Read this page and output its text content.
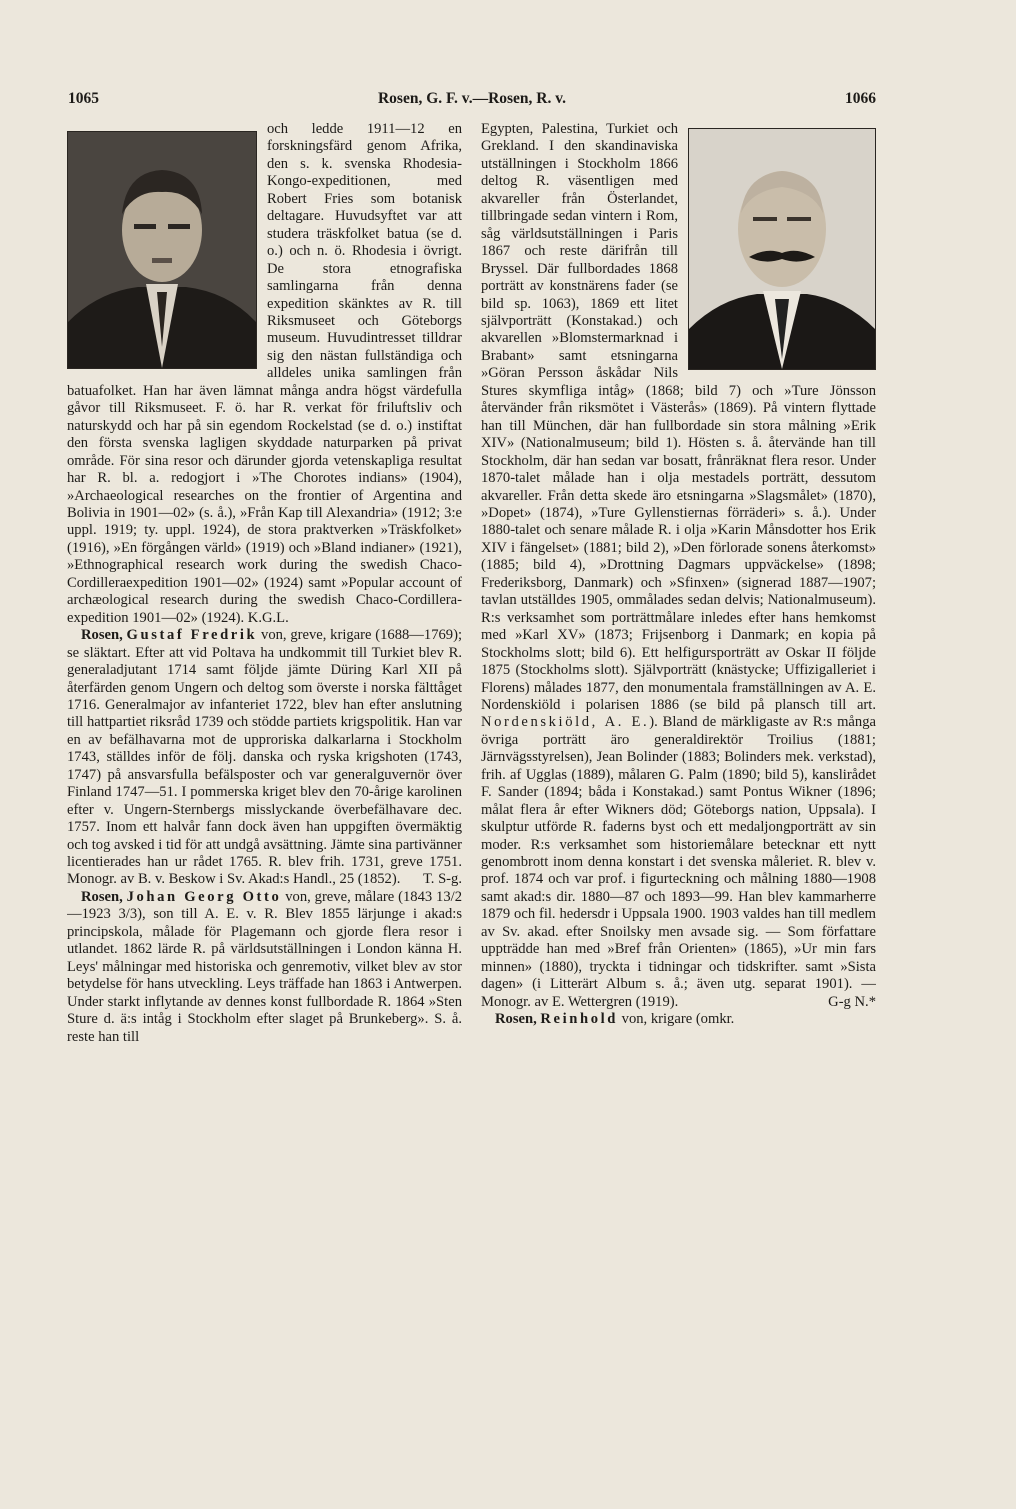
1065	Rosen, G. F. v.—Rosen, R. v.	1066

och ledde 1911—12 en forskningsfärd genom Afrika, den s. k. svenska Rhodesia-Kongo-expeditionen, med Robert Fries som botanisk deltagare. Huvudsyftet var att studera träskfolket batua (se d. o.) och n. ö. Rhodesia i övrigt. De stora etnografiska samlingarna från denna expedition skänktes av R. till Riksmuseet och Göteborgs museum. Huvudintresset tilldrar sig den nästan fullständiga och alldeles unika samlingen från batuafolket. Han har även lämnat många andra högst värdefulla gåvor till Riksmuseet. F. ö. har R. verkat för friluftsliv och naturskydd och har på sin egendom Rockelstad (se d. o.) instiftat den första svenska lagligen skyddade naturparken på privat område. För sina resor och därunder gjorda vetenskapliga resultat har R. bl. a. redogjort i »The Chorotes indians» (1904), »Archaeological researches on the frontier of Argentina and Bolivia in 1901—02» (s. å.), »Från Kap till Alexandria» (1912; 3:e uppl. 1919; ty. uppl. 1924), de stora praktverken »Träskfolket» (1916), »En förgången värld» (1919) och »Bland indianer» (1921), »Ethnographical research work during the swedish Chaco-Cordilleraexpedition 1901—02» (1924) samt »Popular account of archæological research during the swedish Chaco-Cordillera-expedition 1901—02» (1924). K.G.L.

Rosen, Gustaf Fredrik von, greve, krigare (1688—1769); se släktart. Efter att vid Poltava ha undkommit till Turkiet blev R. generaladjutant 1714 samt följde jämte Düring Karl XII på återfärden genom Ungern och deltog som överste i norska fälttåget 1716. Generalmajor av infanteriet 1722, blev han efter anslutning till hattpartiet riksråd 1739 och stödde partiets krigspolitik. Han var en av befälhavarna mot de upproriska dalkarlarna i Stockholm 1743, ställdes inför de följ. danska och ryska krigshoten (1743, 1747) på ansvarsfulla befälsposter och var generalguvernör över Finland 1747—51. I pommerska kriget blev den 70-årige karolinen efter v. Ungern-Sternbergs misslyckande överbefälhavare dec. 1757. Inom ett halvår fann dock även han uppgiften övermäktig och tog avsked i tid för att undgå avsättning. Jämte sina partivänner licentierades han ur rådet 1765. R. blev frih. 1731, greve 1751. Monogr. av B. v. Beskow i Sv. Akad:s Handl., 25 (1852).	T. S-g.

Rosen, Johan Georg Otto von, greve, målare (1843 13/2—1923 3/3), son till A. E. v. R. Blev 1855 lärjunge i akad:s principskola, målade för Plagemann och gjorde flera resor i utlandet. 1862 lärde R. på världsutställningen i London känna H. Leys' målningar med historiska och genremotiv, vilket blev av stor betydelse för hans utveckling. Leys träffade han 1863 i Antwerpen. Under starkt inflytande av dennes konst fullbordade R. 1864 »Sten Sture d. ä:s intåg i Stockholm efter slaget på Brunkeberg». S. å. reste han till

Egypten, Palestina, Turkiet och Grekland. I den skandinaviska utställningen i Stockholm 1866 deltog R. väsentligen med akvareller från Österlandet, tillbringade sedan vintern i Rom, såg världsutställningen i Paris 1867 och reste därifrån till Bryssel. Där fullbordades 1868 porträtt av konstnärens fader (se bild sp. 1063), 1869 ett litet självporträtt (Konstakad.) och akvarellen »Blomstermarknad i Brabant» samt etsningarna »Göran Persson åskådar Nils Stures skymfliga intåg» (1868; bild 7) och »Ture Jönsson återvänder från riksmötet i Västerås» (1869). På vintern flyttade han till München, där han fullbordade sin stora målning »Erik XIV» (Nationalmuseum; bild 1). Hösten s. å. återvände han till Stockholm, där han sedan var bosatt, frånräknat flera resor. Under 1870-talet målade han i olja mestadels porträtt, dessutom akvareller. Från detta skede äro etsningarna »Slagsmålet» (1870), »Dopet» (1874), »Ture Gyllenstiernas förräderi» s. å.). Under 1880-talet och senare målade R. i olja »Karin Månsdotter hos Erik XIV i fängelset» (1881; bild 2), »Den förlorade sonens återkomst» (1885; bild 4), »Drottning Dagmars uppväckelse» (1898; Frederiksborg, Danmark) och »Sfinxen» (signerad 1887—1907; tavlan utställdes 1905, ommålades sedan delvis; Nationalmuseum). R:s verksamhet som porträttmålare inledes efter hans hemkomst med »Karl XV» (1873; Frijsenborg i Danmark; en kopia på Stockholms slott; bild 6). Ett helfigursporträtt av Oskar II följde 1875 (Stockholms slott). Självporträtt (knästycke; Uffizigalleriet i Florens) målades 1877, den monumentala framställningen av A. E. Nordenskiöld i polarisen 1886 (se bild på plansch till art. Nordenskiöld, A. E.). Bland de märkligaste av R:s många övriga porträtt äro generaldirektör Troilius (1881; Järnvägsstyrelsen), Jean Bolinder (1883; Bolinders mek. verkstad), frih. af Ugglas (1889), målaren G. Palm (1890; bild 5), kanslirådet F. Sander (1894; båda i Konstakad.) samt Pontus Wikner (1896; målat flera år efter Wikners död; Göteborgs nation, Uppsala). I skulptur utförde R. faderns byst och ett medaljongporträtt av sin moder. R:s verksamhet som historiemålare betecknar ett nytt genombrott inom denna konstart i det svenska måleriet. R. blev v. prof. 1874 och var prof. i figurteckning och målning 1880—1908 samt akad:s dir. 1880—87 och 1893—99. Han blev kammarherre 1879 och fil. hedersdr i Uppsala 1900. 1903 valdes han till medlem av Sv. akad. efter Snoilsky men avsade sig. — Som författare uppträdde han med »Bref från Orienten» (1865), »Ur min fars minnen» (1880), tryckta i tidningar och tidskrifter. samt »Sista dagen» (i Litterärt Album s. å.; även utg. separat 1901). — Monogr. av E. Wettergren (1919).	G-g N.*

Rosen, Reinhold von, krigare (omkr.
